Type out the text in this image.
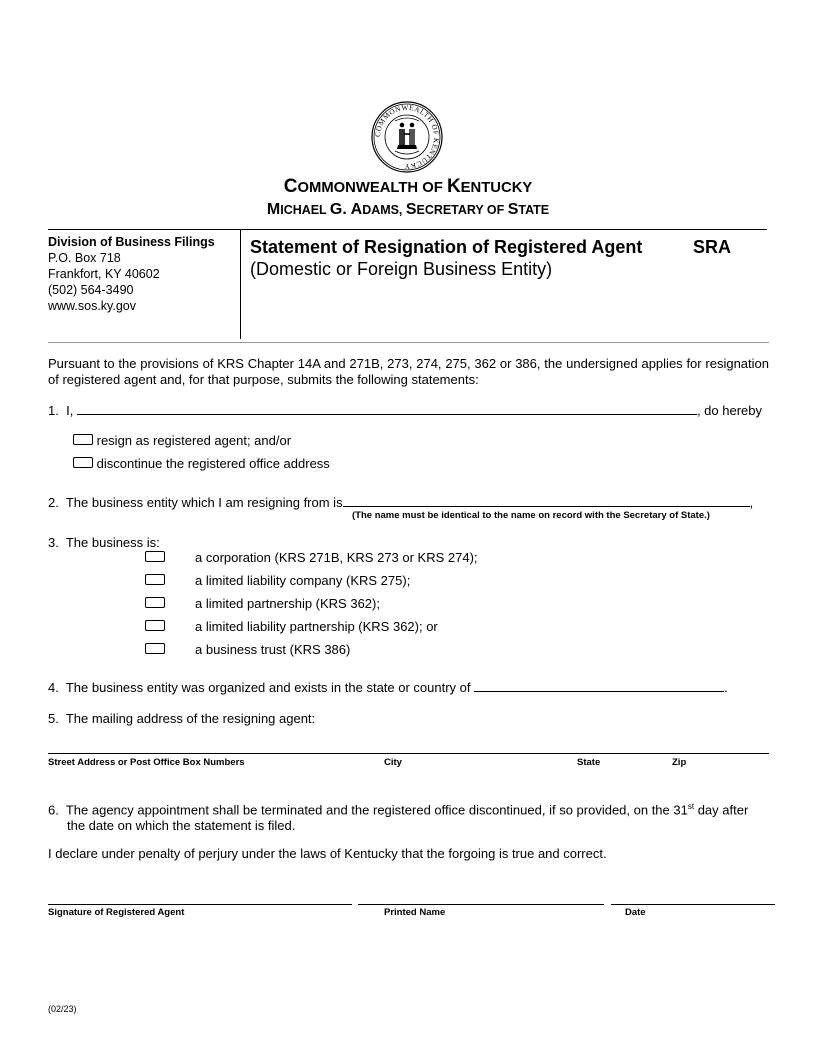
COMMONWEALTH OF KENTUCKY
COMMONWEALTH OF KENTUCKY
MICHAEL G. ADAMS, SECRETARY OF STATE
Division of Business Filings
P.O. Box 718
Frankfort, KY 40602
(502) 564-3490
www.sos.ky.gov
Statement of Resignation of Registered Agent	SRA
(Domestic or Foreign Business Entity)
Pursuant to the provisions of KRS Chapter 14A and 271B, 273, 274, 275, 362 or 386, the undersigned applies for resignation of registered agent and, for that purpose, submits the following statements:
1. I,	, do hereby
resign as registered agent; and/or
discontinue the registered office address
2. The business entity which I am resigning from is	,
(The name must be identical to the name on record with the Secretary of State.)
3. The business is:
a corporation (KRS 271B, KRS 273 or KRS 274);
a limited liability company (KRS 275);
a limited partnership (KRS 362);
a limited liability partnership (KRS 362); or
a business trust (KRS 386)
4. The business entity was organized and exists in the state or country of	.
5. The mailing address of the resigning agent:
Street Address or Post Office Box Numbers	City	State	Zip
6. The agency appointment shall be terminated and the registered office discontinued, if so provided, on the 31st day after
the date on which the statement is filed.
I declare under penalty of perjury under the laws of Kentucky that the forgoing is true and correct.
Signature of Registered Agent	Printed Name	Date
(02/23)
